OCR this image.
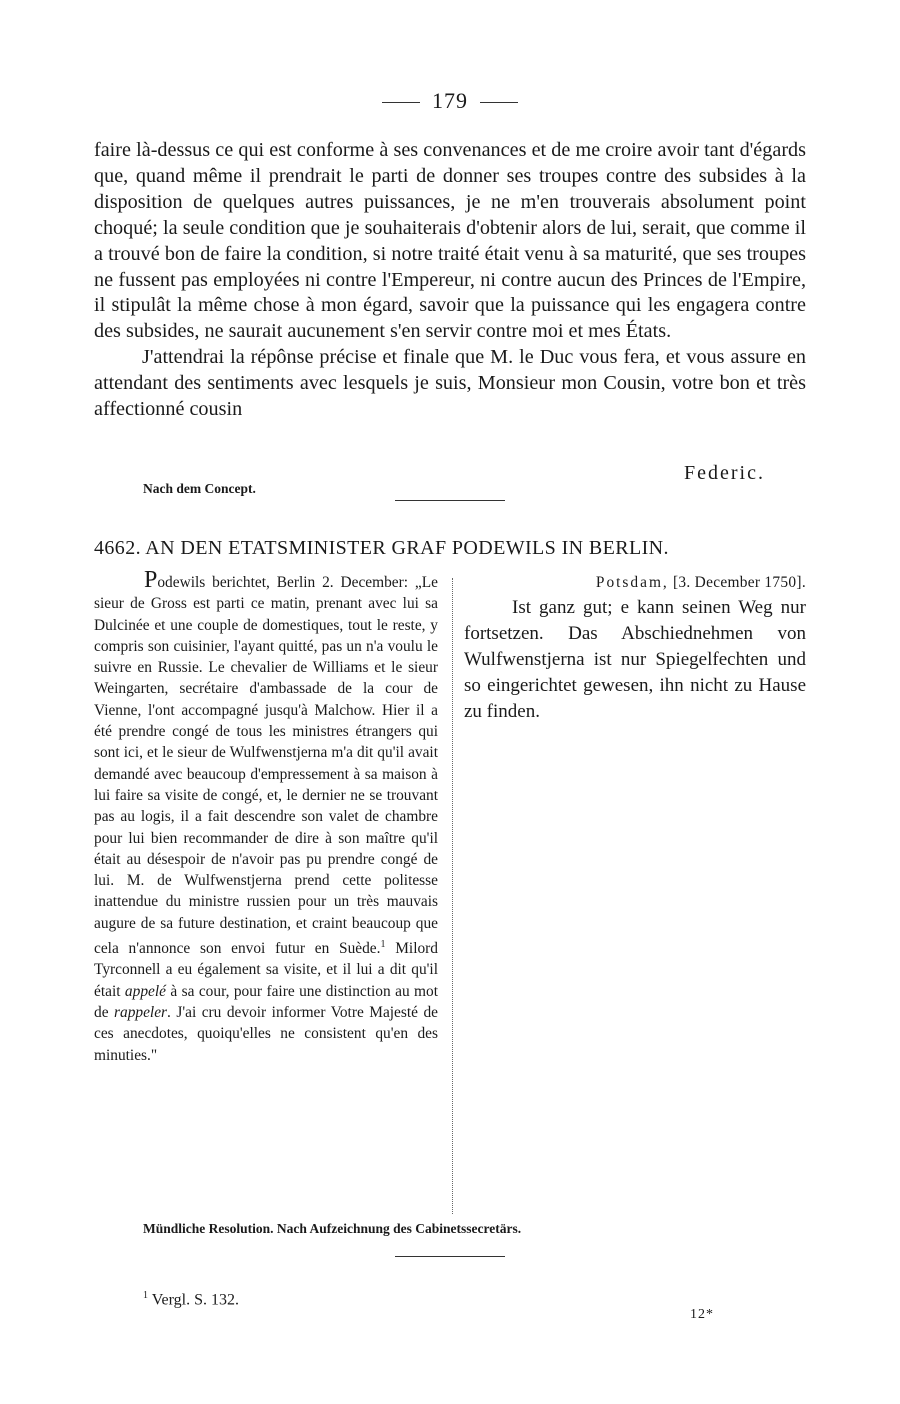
179

faire là-dessus ce qui est conforme à ses convenances et de me croire avoir tant d'égards que, quand même il prendrait le parti de donner ses troupes contre des subsides à la disposition de quelques autres puissances, je ne m'en trouverais absolument point choqué; la seule condition que je souhaiterais d'obtenir alors de lui, serait, que comme il a trouvé bon de faire la condition, si notre traité était venu à sa maturité, que ses troupes ne fussent pas employées ni contre l'Empereur, ni contre aucun des Princes de l'Empire, il stipulât la même chose à mon égard, savoir que la puissance qui les engagera contre des subsides, ne saurait aucunement s'en servir contre moi et mes États.

J'attendrai la répônse précise et finale que M. le Duc vous fera, et vous assure en attendant des sentiments avec lesquels je suis, Monsieur mon Cousin, votre bon et très affectionné cousin

Federic.
Nach dem Concept.
4662. AN DEN ETATSMINISTER GRAF PODEWILS IN BERLIN.

Podewils berichtet, Berlin 2. December: „Le sieur de Gross est parti ce matin, prenant avec lui sa Dulcinée et une couple de domestiques, tout le reste, y compris son cuisinier, l'ayant quitté, pas un n'a voulu le suivre en Russie. Le chevalier de Williams et le sieur Weingarten, secrétaire d'ambassade de la cour de Vienne, l'ont accompagné jusqu'à Malchow. Hier il a été prendre congé de tous les ministres étrangers qui sont ici, et le sieur de Wulfwenstjerna m'a dit qu'il avait demandé avec beaucoup d'empressement à sa maison à lui faire sa visite de congé, et, le dernier ne se trouvant pas au logis, il a fait descendre son valet de chambre pour lui bien recommander de dire à son maître qu'il était au désespoir de n'avoir pas pu prendre congé de lui. M. de Wulfwenstjerna prend cette politesse inattendue du ministre russien pour un très mauvais augure de sa future destination, et craint beaucoup que cela n'annonce son envoi futur en Suède.$^1$ Milord Tyrconnell a eu également sa visite, et il lui a dit qu'il était appelé à sa cour, pour faire une distinction au mot de rappeler. J'ai cru devoir informer Votre Majesté de ces anecdotes, quoiqu'elles ne consistent qu'en des minuties."

Potsdam, [3. December 1750].

Ist ganz gut; e kann seinen Weg nur fortsetzen. Das Abschiednehmen von Wulfwenstjerna ist nur Spiegelfechten und so eingerichtet gewesen, ihn nicht zu Hause zu finden.

Mündliche Resolution. Nach Aufzeichnung des Cabinetssecretärs.
$^1$ Vergl. S. 132.
12*
